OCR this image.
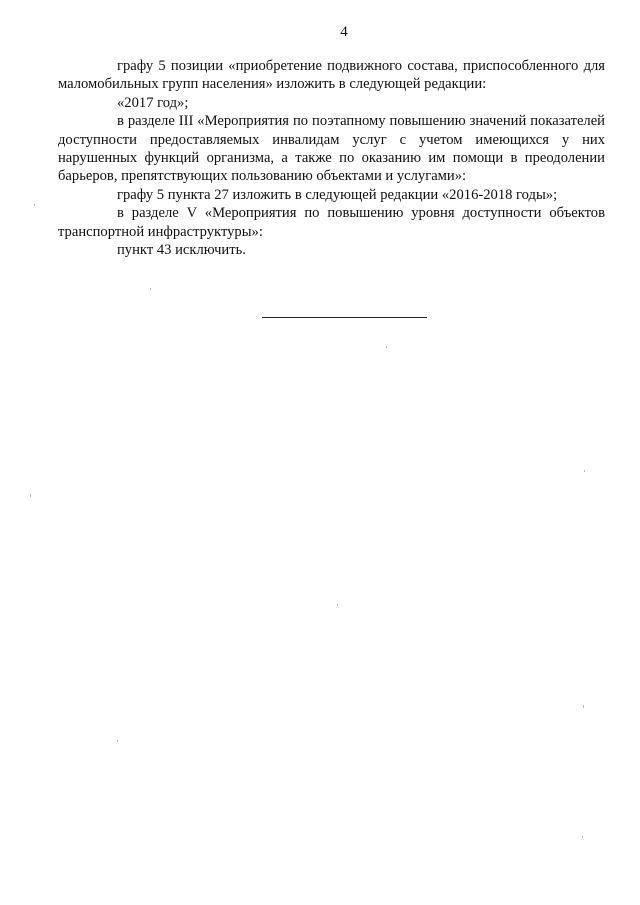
4

графу 5 позиции «приобретение подвижного состава, приспособленного для маломобильных групп населения» изложить в следующей редакции:

«2017 год»;

в разделе III «Мероприятия по поэтапному повышению значений показателей доступности предоставляемых инвалидам услуг с учетом имеющихся у них нарушенных функций организма, а также по оказанию им помощи в преодолении барьеров, препятствующих пользованию объектами и услугами»:

графу 5 пункта 27 изложить в следующей редакции «2016-2018 годы»;

в разделе V «Мероприятия по повышению уровня доступности объектов транспортной инфраструктуры»:

пункт 43 исключить.
